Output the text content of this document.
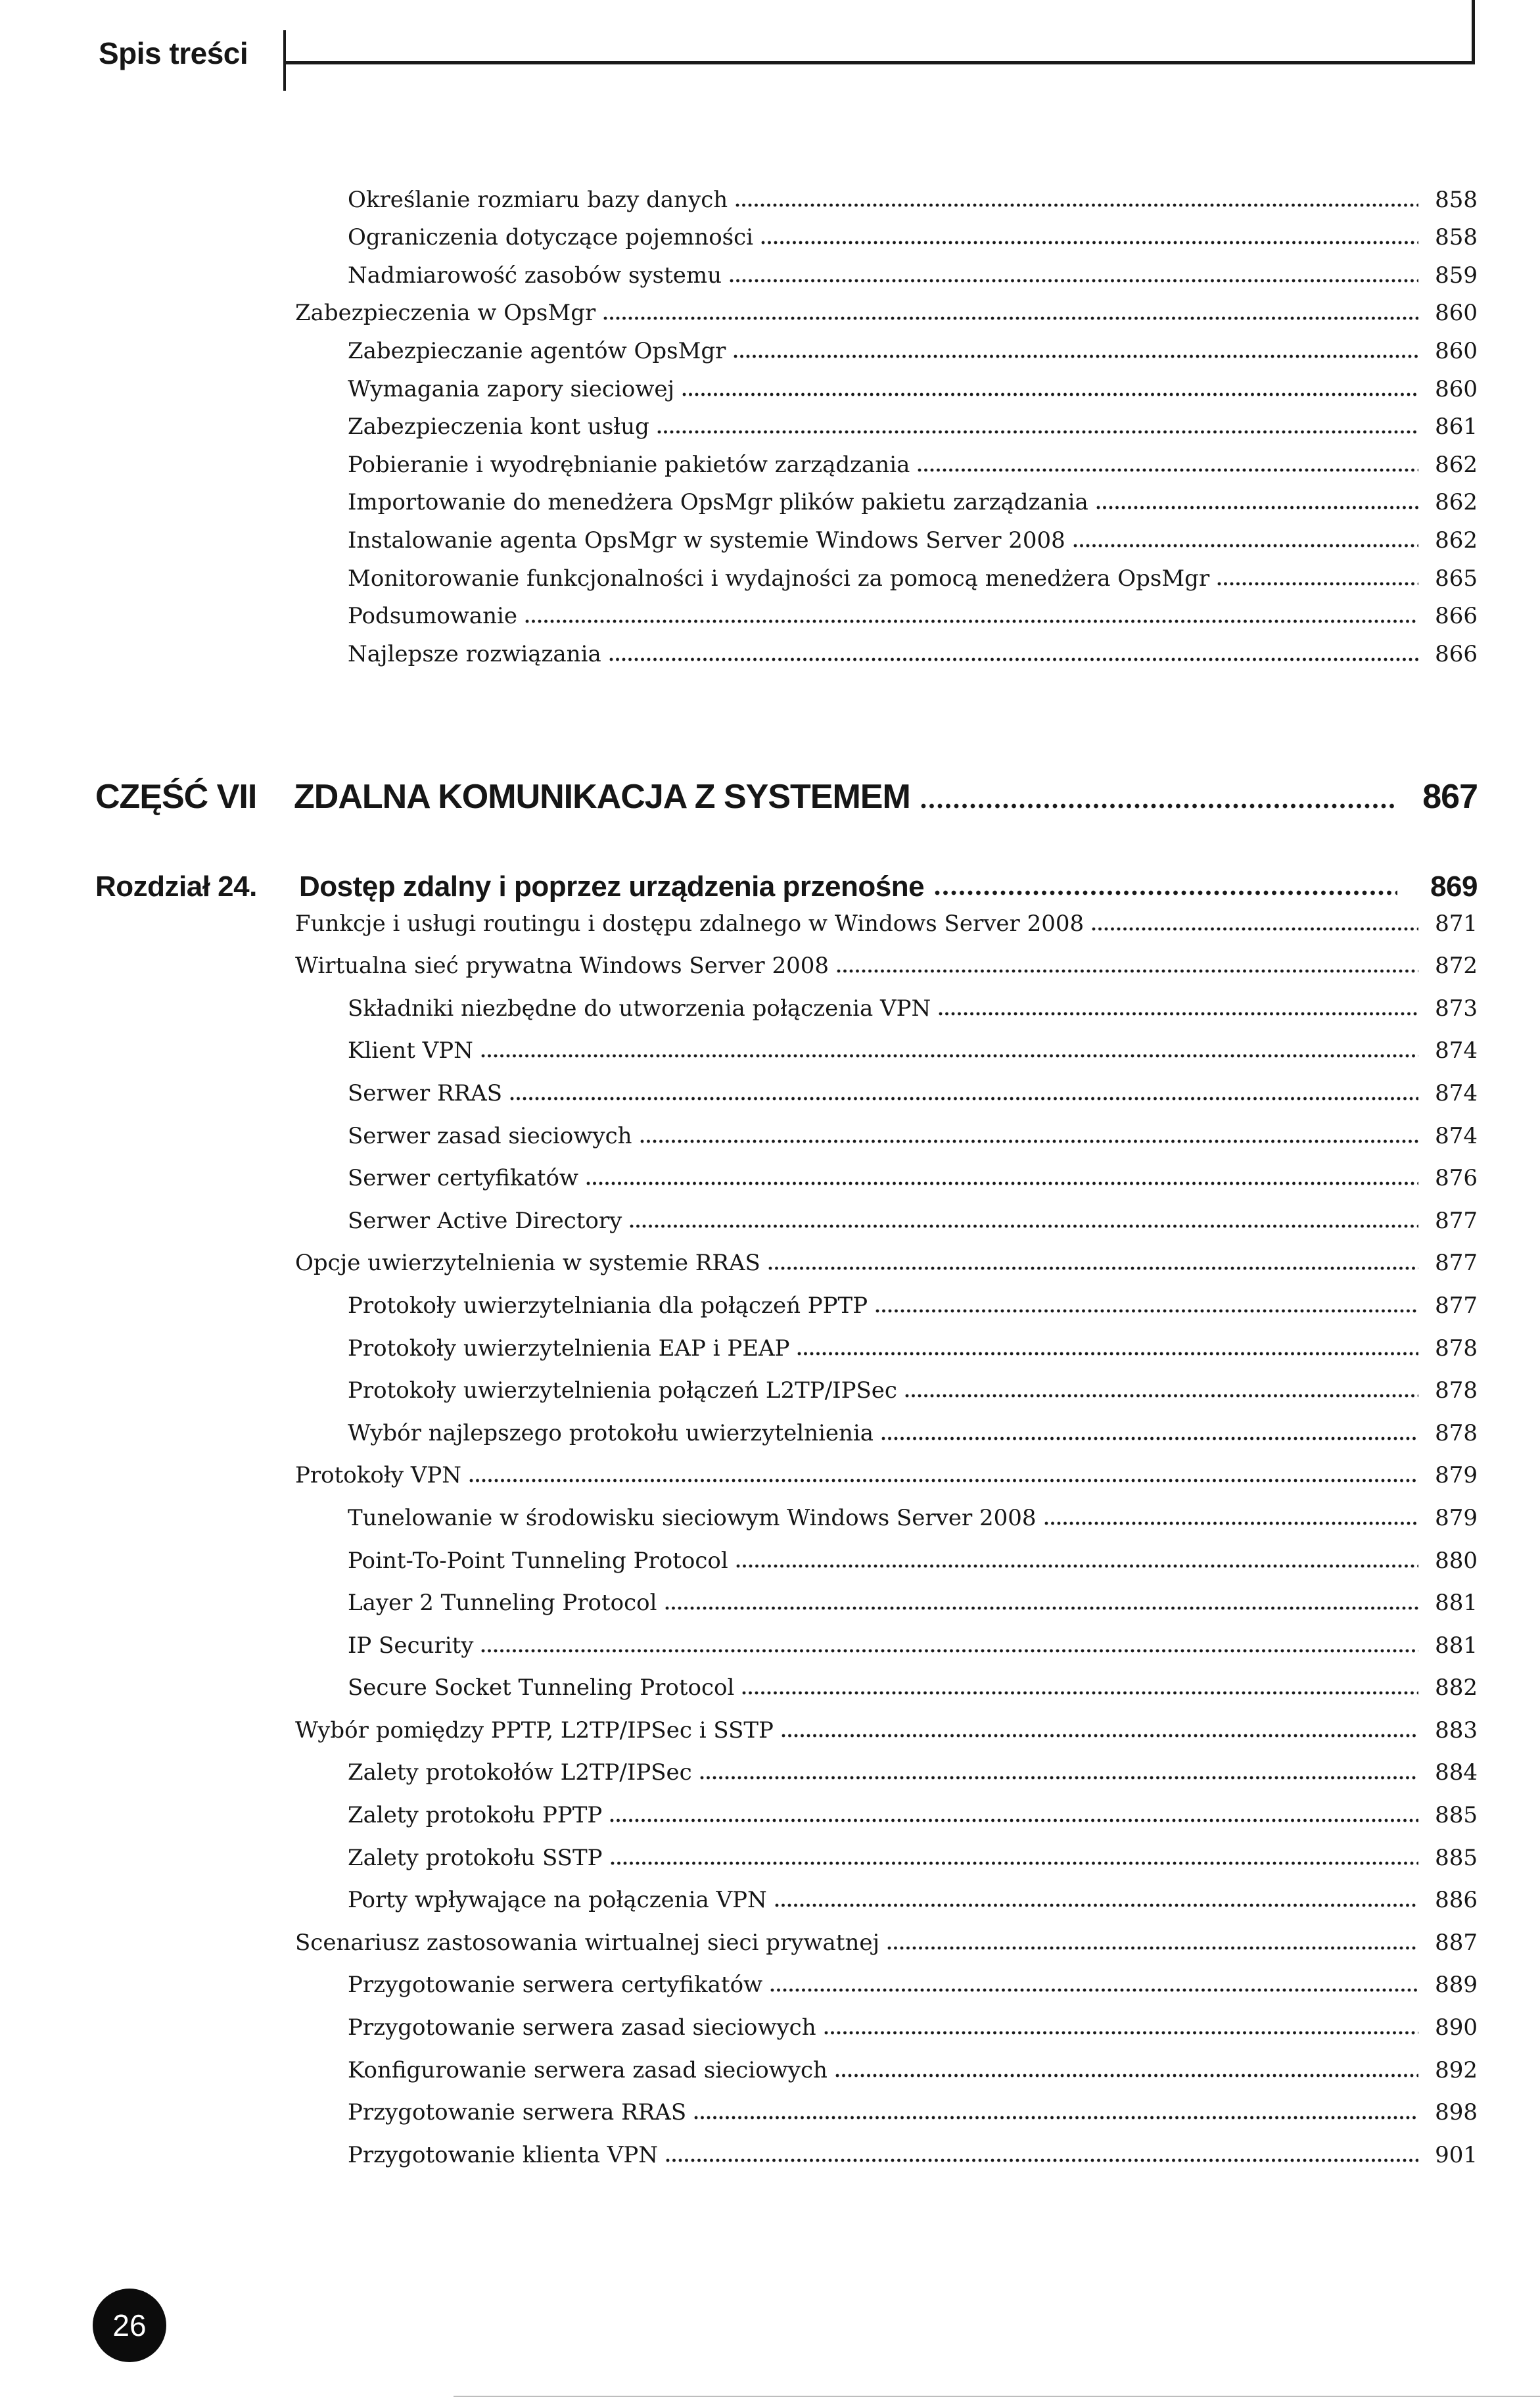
Spis treści
Określanie rozmiaru bazy danych	858
Ograniczenia dotyczące pojemności	858
Nadmiarowość zasobów systemu	859
Zabezpieczenia w OpsMgr	860
Zabezpieczanie agentów OpsMgr	860
Wymagania zapory sieciowej	860
Zabezpieczenia kont usług	861
Pobieranie i wyodrębnianie pakietów zarządzania	862
Importowanie do menedżera OpsMgr plików pakietu zarządzania	862
Instalowanie agenta OpsMgr w systemie Windows Server 2008	862
Monitorowanie funkcjonalności i wydajności za pomocą menedżera OpsMgr	865
Podsumowanie	866
Najlepsze rozwiązania	866
CZĘŚĆ VII	ZDALNA KOMUNIKACJA Z SYSTEMEM	867
Rozdział 24.	Dostęp zdalny i poprzez urządzenia przenośne	869
Funkcje i usługi routingu i dostępu zdalnego w Windows Server 2008	871
Wirtualna sieć prywatna Windows Server 2008	872
Składniki niezbędne do utworzenia połączenia VPN	873
Klient VPN	874
Serwer RRAS	874
Serwer zasad sieciowych	874
Serwer certyfikatów	876
Serwer Active Directory	877
Opcje uwierzytelnienia w systemie RRAS	877
Protokoły uwierzytelniania dla połączeń PPTP	877
Protokoły uwierzytelnienia EAP i PEAP	878
Protokoły uwierzytelnienia połączeń L2TP/IPSec	878
Wybór najlepszego protokołu uwierzytelnienia	878
Protokoły VPN	879
Tunelowanie w środowisku sieciowym Windows Server 2008	879
Point-To-Point Tunneling Protocol	880
Layer 2 Tunneling Protocol	881
IP Security	881
Secure Socket Tunneling Protocol	882
Wybór pomiędzy PPTP, L2TP/IPSec i SSTP	883
Zalety protokołów L2TP/IPSec	884
Zalety protokołu PPTP	885
Zalety protokołu SSTP	885
Porty wpływające na połączenia VPN	886
Scenariusz zastosowania wirtualnej sieci prywatnej	887
Przygotowanie serwera certyfikatów	889
Przygotowanie serwera zasad sieciowych	890
Konfigurowanie serwera zasad sieciowych	892
Przygotowanie serwera RRAS	898
Przygotowanie klienta VPN	901
26
